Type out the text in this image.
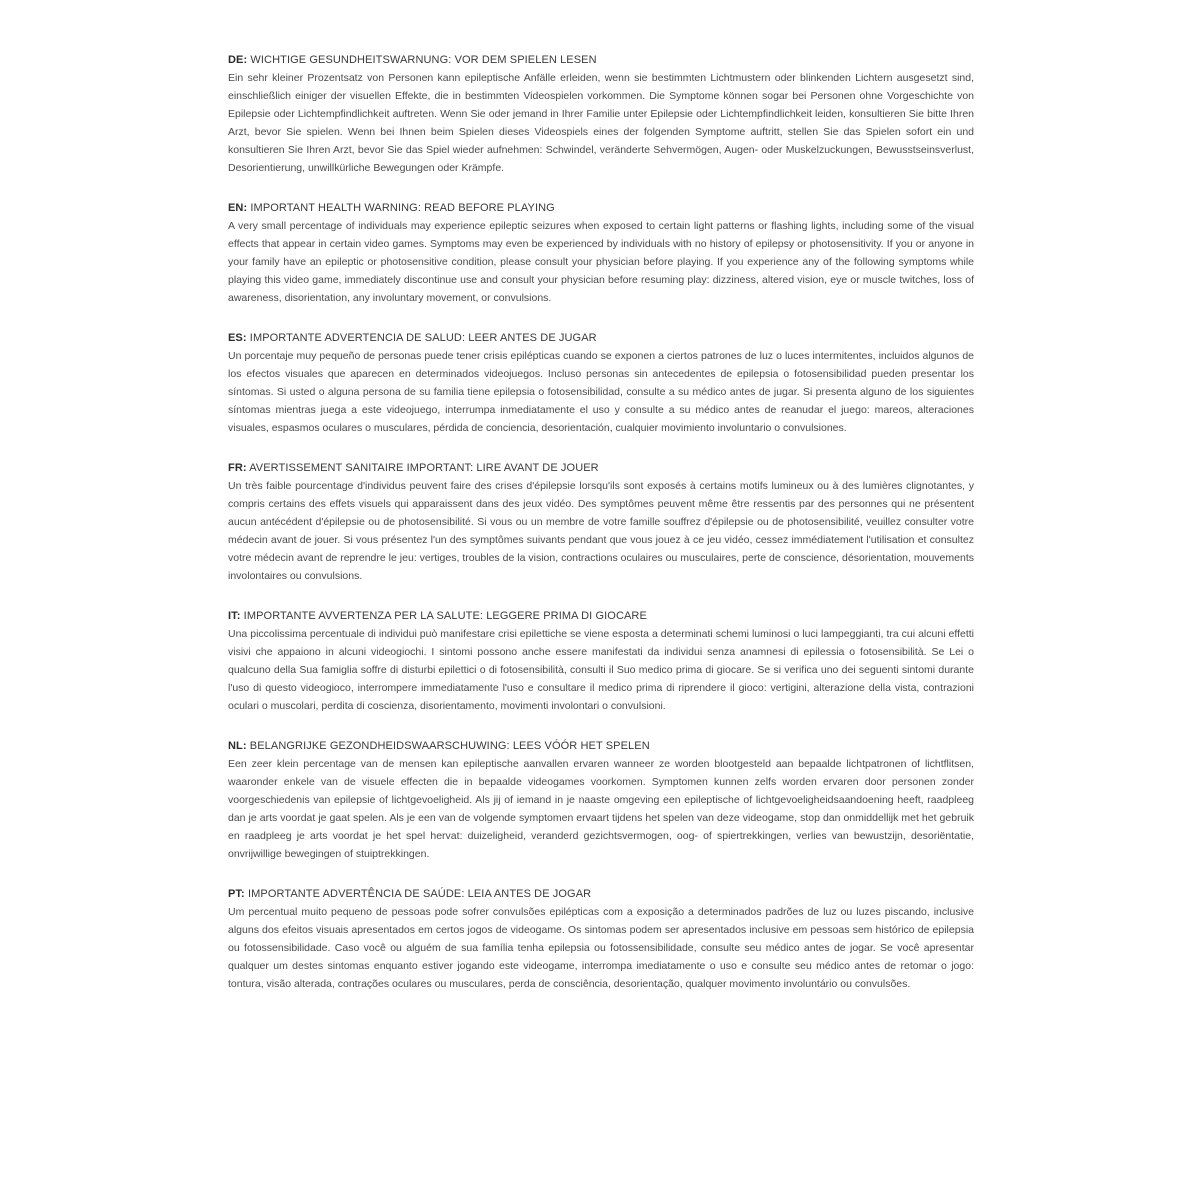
DE: WICHTIGE GESUNDHEITSWARNUNG: VOR DEM SPIELEN LESEN

Ein sehr kleiner Prozentsatz von Personen kann epileptische Anfälle erleiden, wenn sie bestimmten Lichtmustern oder blinkenden Lichtern ausgesetzt sind, einschließlich einiger der visuellen Effekte, die in bestimmten Videospielen vorkommen. Die Symptome können sogar bei Personen ohne Vorgeschichte von Epilepsie oder Lichtempfindlichkeit auftreten. Wenn Sie oder jemand in Ihrer Familie unter Epilepsie oder Lichtempfindlichkeit leiden, konsultieren Sie bitte Ihren Arzt, bevor Sie spielen. Wenn bei Ihnen beim Spielen dieses Videospiels eines der folgenden Symptome auftritt, stellen Sie das Spielen sofort ein und konsultieren Sie Ihren Arzt, bevor Sie das Spiel wieder aufnehmen: Schwindel, veränderte Sehvermögen, Augen- oder Muskelzuckungen, Bewusstseinsverlust, Desorientierung, unwillkürliche Bewegungen oder Krämpfe.

EN: IMPORTANT HEALTH WARNING: READ BEFORE PLAYING

A very small percentage of individuals may experience epileptic seizures when exposed to certain light patterns or flashing lights, including some of the visual effects that appear in certain video games. Symptoms may even be experienced by individuals with no history of epilepsy or photosensitivity. If you or anyone in your family have an epileptic or photosensitive condition, please consult your physician before playing. If you experience any of the following symptoms while playing this video game, immediately discontinue use and consult your physician before resuming play: dizziness, altered vision, eye or muscle twitches, loss of awareness, disorientation, any involuntary movement, or convulsions.

ES: IMPORTANTE ADVERTENCIA DE SALUD: LEER ANTES DE JUGAR

Un porcentaje muy pequeño de personas puede tener crisis epilépticas cuando se exponen a ciertos patrones de luz o luces intermitentes, incluidos algunos de los efectos visuales que aparecen en determinados videojuegos. Incluso personas sin antecedentes de epilepsia o fotosensibilidad pueden presentar los síntomas. Si usted o alguna persona de su familia tiene epilepsia o fotosensibilidad, consulte a su médico antes de jugar. Si presenta alguno de los siguientes síntomas mientras juega a este videojuego, interrumpa inmediatamente el uso y consulte a su médico antes de reanudar el juego: mareos, alteraciones visuales, espasmos oculares o musculares, pérdida de conciencia, desorientación, cualquier movimiento involuntario o convulsiones.

FR: AVERTISSEMENT SANITAIRE IMPORTANT: LIRE AVANT DE JOUER

Un très faible pourcentage d'individus peuvent faire des crises d'épilepsie lorsqu'ils sont exposés à certains motifs lumineux ou à des lumières clignotantes, y compris certains des effets visuels qui apparaissent dans des jeux vidéo. Des symptômes peuvent même être ressentis par des personnes qui ne présentent aucun antécédent d'épilepsie ou de photosensibilité. Si vous ou un membre de votre famille souffrez d'épilepsie ou de photosensibilité, veuillez consulter votre médecin avant de jouer. Si vous présentez l'un des symptômes suivants pendant que vous jouez à ce jeu vidéo, cessez immédiatement l'utilisation et consultez votre médecin avant de reprendre le jeu: vertiges, troubles de la vision, contractions oculaires ou musculaires, perte de conscience, désorientation, mouvements involontaires ou convulsions.

IT: IMPORTANTE AVVERTENZA PER LA SALUTE: LEGGERE PRIMA DI GIOCARE

Una piccolissima percentuale di individui può manifestare crisi epilettiche se viene esposta a determinati schemi luminosi o luci lampeggianti, tra cui alcuni effetti visivi che appaiono in alcuni videogiochi. I sintomi possono anche essere manifestati da individui senza anamnesi di epilessia o fotosensibilità. Se Lei o qualcuno della Sua famiglia soffre di disturbi epilettici o di fotosensibilità, consulti il Suo medico prima di giocare. Se si verifica uno dei seguenti sintomi durante l'uso di questo videogioco, interrompere immediatamente l'uso e consultare il medico prima di riprendere il gioco: vertigini, alterazione della vista, contrazioni oculari o muscolari, perdita di coscienza, disorientamento, movimenti involontari o convulsioni.

NL: BELANGRIJKE GEZONDHEIDSWAARSCHUWING: LEES VÓÓR HET SPELEN

Een zeer klein percentage van de mensen kan epileptische aanvallen ervaren wanneer ze worden blootgesteld aan bepaalde lichtpatronen of lichtflitsen, waaronder enkele van de visuele effecten die in bepaalde videogames voorkomen. Symptomen kunnen zelfs worden ervaren door personen zonder voorgeschiedenis van epilepsie of lichtgevoeligheid. Als jij of iemand in je naaste omgeving een epileptische of lichtgevoeligheidsaandoening heeft, raadpleeg dan je arts voordat je gaat spelen. Als je een van de volgende symptomen ervaart tijdens het spelen van deze videogame, stop dan onmiddellijk met het gebruik en raadpleeg je arts voordat je het spel hervat: duizeligheid, veranderd gezichtsvermogen, oog- of spiertrekkingen, verlies van bewustzijn, desoriëntatie, onvrijwillige bewegingen of stuiptrekkingen.

PT: IMPORTANTE ADVERTÊNCIA DE SAÚDE: LEIA ANTES DE JOGAR

Um percentual muito pequeno de pessoas pode sofrer convulsões epilépticas com a exposição a determinados padrões de luz ou luzes piscando, inclusive alguns dos efeitos visuais apresentados em certos jogos de videogame. Os sintomas podem ser apresentados inclusive em pessoas sem histórico de epilepsia ou fotossensibilidade. Caso você ou alguém de sua família tenha epilepsia ou fotossensibilidade, consulte seu médico antes de jogar. Se você apresentar qualquer um destes sintomas enquanto estiver jogando este videogame, interrompa imediatamente o uso e consulte seu médico antes de retomar o jogo: tontura, visão alterada, contrações oculares ou musculares, perda de consciência, desorientação, qualquer movimento involuntário ou convulsões.
